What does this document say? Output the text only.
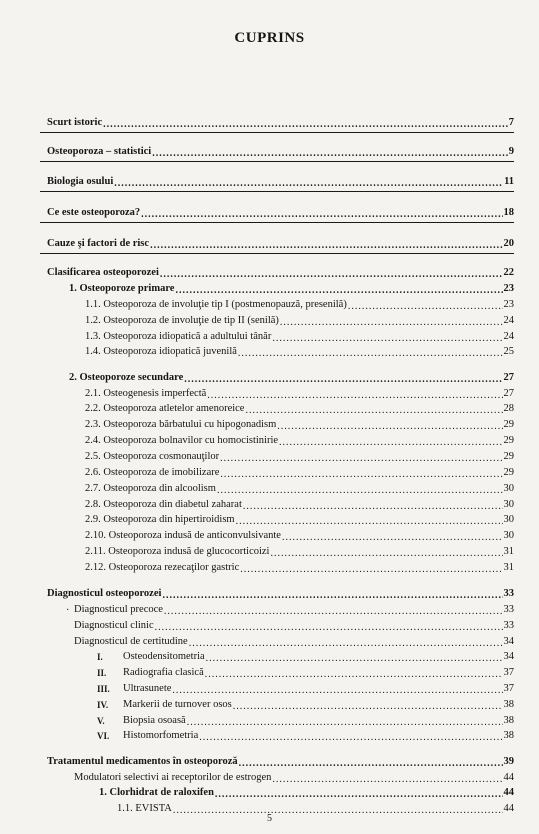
CUPRINS
Scurt istoric .....	7
Osteoporoza – statistici .....	9
Biologia osului .....	11
Ce este osteoporoza? .....	18
Cauze şi factori de risc .....	20
Clasificarea osteoporozei .....	22
1. Osteoporoze primare .....	23
1.1. Osteoporoza de involuţie tip I (postmenopauză, presenilă) .....	23
1.2. Osteoporoza de involuţie de tip II (senilă) .....	24
1.3. Osteoporoza idiopatică a adultului tânăr .....	24
1.4. Osteoporoza idiopatică juvenilă .....	25
2. Osteoporoze secundare .....	27
2.1. Osteogenesis imperfectă .....	27
2.2. Osteoporoza atletelor amenoreice .....	28
2.3. Osteoporoza bărbatului cu hipogonadism .....	29
2.4. Osteoporoza bolnavilor cu homocistinirie .....	29
2.5. Osteoporoza cosmonauţilor .....	29
2.6. Osteoporoza de imobilizare .....	29
2.7. Osteoporoza din alcoolism .....	30
2.8. Osteoporoza din diabetul zaharat .....	30
2.9. Osteoporoza din hipertiroidism .....	30
2.10. Osteoporoza indusă de anticonvulsivante .....	30
2.11. Osteoporoza indusă de glucocorticoizi .....	31
2.12. Osteoporoza rezecaţilor gastric .....	31
Diagnosticul osteoporozei .....	33
Diagnosticul precoce .....	33
Diagnosticul clinic .....	33
Diagnosticul de certitudine .....	34
I.	Osteodensitometria .....	34
II.	Radiografia clasică .....	37
III.	Ultrasunete .....	37
IV.	Markerii de turnover osos .....	38
V.	Biopsia osoasă .....	38
VI.	Histomorfometria .....	38
Tratamentul medicamentos în osteoporoză .....	39
Modulatori selectivi ai receptorilor de estrogen .....	44
1. Clorhidrat de raloxifen .....	44
1.1. EVISTA .....	44
·
5
